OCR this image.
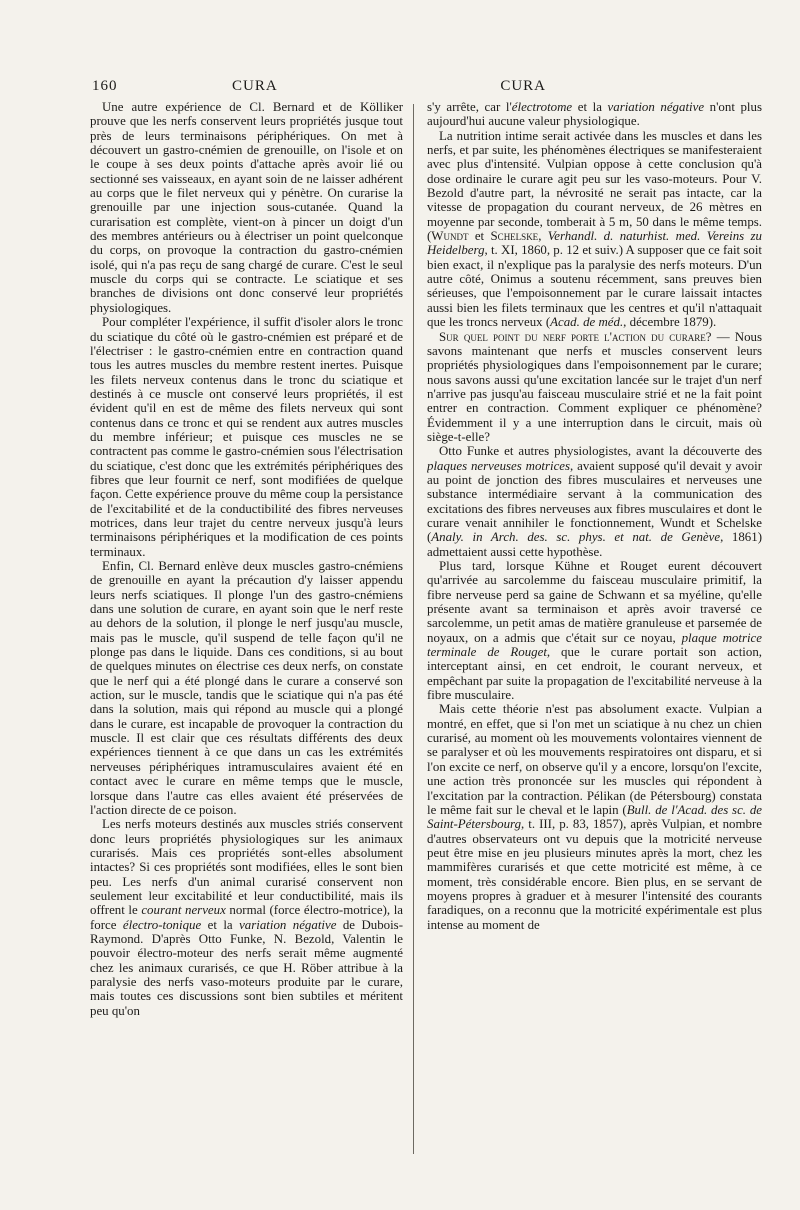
160	CURA	CURA

Une autre expérience de Cl. Bernard et de Kölliker prouve que les nerfs conservent leurs propriétés jusque tout près de leurs terminaisons périphériques. On met à découvert un gastro-cnémien de grenouille, on l'isole et on le coupe à ses deux points d'attache après avoir lié ou sectionné ses vaisseaux, en ayant soin de ne laisser adhérent au corps que le filet nerveux qui y pénètre. On curarise la grenouille par une injection sous-cutanée. Quand la curarisation est complète, vient-on à pincer un doigt d'un des membres antérieurs ou à électriser un point quelconque du corps, on provoque la contraction du gastro-cnémien isolé, qui n'a pas reçu de sang chargé de curare. C'est le seul muscle du corps qui se contracte. Le sciatique et ses branches de divisions ont donc conservé leur propriétés physiologiques.

Pour compléter l'expérience, il suffit d'isoler alors le tronc du sciatique du côté où le gastro-cnémien est préparé et de l'électriser : le gastro-cnémien entre en contraction quand tous les autres muscles du membre restent inertes. Puisque les filets nerveux contenus dans le tronc du sciatique et destinés à ce muscle ont conservé leurs propriétés, il est évident qu'il en est de même des filets nerveux qui sont contenus dans ce tronc et qui se rendent aux autres muscles du membre inférieur; et puisque ces muscles ne se contractent pas comme le gastro-cnémien sous l'électrisation du sciatique, c'est donc que les extrémités périphériques des fibres que leur fournit ce nerf, sont modifiées de quelque façon. Cette expérience prouve du même coup la persistance de l'excitabilité et de la conductibilité des fibres nerveuses motrices, dans leur trajet du centre nerveux jusqu'à leurs terminaisons périphériques et la modification de ces points terminaux.

Enfin, Cl. Bernard enlève deux muscles gastro-cnémiens de grenouille en ayant la précaution d'y laisser appendu leurs nerfs sciatiques. Il plonge l'un des gastro-cnémiens dans une solution de curare, en ayant soin que le nerf reste au dehors de la solution, il plonge le nerf jusqu'au muscle, mais pas le muscle, qu'il suspend de telle façon qu'il ne plonge pas dans le liquide. Dans ces conditions, si au bout de quelques minutes on électrise ces deux nerfs, on constate que le nerf qui a été plongé dans le curare a conservé son action, sur le muscle, tandis que le sciatique qui n'a pas été dans la solution, mais qui répond au muscle qui a plongé dans le curare, est incapable de provoquer la contraction du muscle. Il est clair que ces résultats différents des deux expériences tiennent à ce que dans un cas les extrémités nerveuses périphériques intramusculaires avaient été en contact avec le curare en même temps que le muscle, lorsque dans l'autre cas elles avaient été préservées de l'action directe de ce poison.

Les nerfs moteurs destinés aux muscles striés conservent donc leurs propriétés physiologiques sur les animaux curarisés. Mais ces propriétés sont-elles absolument intactes? Si ces propriétés sont modifiées, elles le sont bien peu. Les nerfs d'un animal curarisé conservent non seulement leur excitabilité et leur conductibilité, mais ils offrent le courant nerveux normal (force électro-motrice), la force électro-tonique et la variation négative de Dubois-Raymond. D'après Otto Funke, N. Bezold, Valentin le pouvoir électro-moteur des nerfs serait même augmenté chez les animaux curarisés, ce que H. Röber attribue à la paralysie des nerfs vaso-moteurs produite par le curare, mais toutes ces discussions sont bien subtiles et méritent peu qu'on

s'y arrête, car l'électrotome et la variation négative n'ont plus aujourd'hui aucune valeur physiologique.

La nutrition intime serait activée dans les muscles et dans les nerfs, et par suite, les phénomènes électriques se manifesteraient avec plus d'intensité. Vulpian oppose à cette conclusion qu'à dose ordinaire le curare agit peu sur les vaso-moteurs. Pour V. Bezold d'autre part, la névrosité ne serait pas intacte, car la vitesse de propagation du courant nerveux, de 26 mètres en moyenne par seconde, tomberait à 5 m, 50 dans le même temps. (Wundt et Schelske, Verhandl. d. naturhist. med. Vereins zu Heidelberg, t. XI, 1860, p. 12 et suiv.) A supposer que ce fait soit bien exact, il n'explique pas la paralysie des nerfs moteurs. D'un autre côté, Onimus a soutenu récemment, sans preuves bien sérieuses, que l'empoisonnement par le curare laissait intactes aussi bien les filets terminaux que les centres et qu'il n'attaquait que les troncs nerveux (Acad. de méd., décembre 1879).

Sur quel point du nerf porte l'action du curare? — Nous savons maintenant que nerfs et muscles conservent leurs propriétés physiologiques dans l'empoisonnement par le curare; nous savons aussi qu'une excitation lancée sur le trajet d'un nerf n'arrive pas jusqu'au faisceau musculaire strié et ne la fait point entrer en contraction. Comment expliquer ce phénomène? Évidemment il y a une interruption dans le circuit, mais où siège-t-elle?

Otto Funke et autres physiologistes, avant la découverte des plaques nerveuses motrices, avaient supposé qu'il devait y avoir au point de jonction des fibres musculaires et nerveuses une substance intermédiaire servant à la communication des excitations des fibres nerveuses aux fibres musculaires et dont le curare venait annihiler le fonctionnement, Wundt et Schelske (Analy. in Arch. des. sc. phys. et nat. de Genève, 1861) admettaient aussi cette hypothèse.

Plus tard, lorsque Kühne et Rouget eurent découvert qu'arrivée au sarcolemme du faisceau musculaire primitif, la fibre nerveuse perd sa gaine de Schwann et sa myéline, qu'elle présente avant sa terminaison et après avoir traversé ce sarcolemme, un petit amas de matière granuleuse et parsemée de noyaux, on a admis que c'était sur ce noyau, plaque motrice terminale de Rouget, que le curare portait son action, interceptant ainsi, en cet endroit, le courant nerveux, et empêchant par suite la propagation de l'excitabilité nerveuse à la fibre musculaire.

Mais cette théorie n'est pas absolument exacte. Vulpian a montré, en effet, que si l'on met un sciatique à nu chez un chien curarisé, au moment où les mouvements volontaires viennent de se paralyser et où les mouvements respiratoires ont disparu, et si l'on excite ce nerf, on observe qu'il y a encore, lorsqu'on l'excite, une action très prononcée sur les muscles qui répondent à l'excitation par la contraction. Pélikan (de Pétersbourg) constata le même fait sur le cheval et le lapin (Bull. de l'Acad. des sc. de Saint-Pétersbourg, t. III, p. 83, 1857), après Vulpian, et nombre d'autres observateurs ont vu depuis que la motricité nerveuse peut être mise en jeu plusieurs minutes après la mort, chez les mammifères curarisés et que cette motricité est même, à ce moment, très considérable encore. Bien plus, en se servant de moyens propres à graduer et à mesurer l'intensité des courants faradiques, on a reconnu que la motricité expérimentale est plus intense au moment de
